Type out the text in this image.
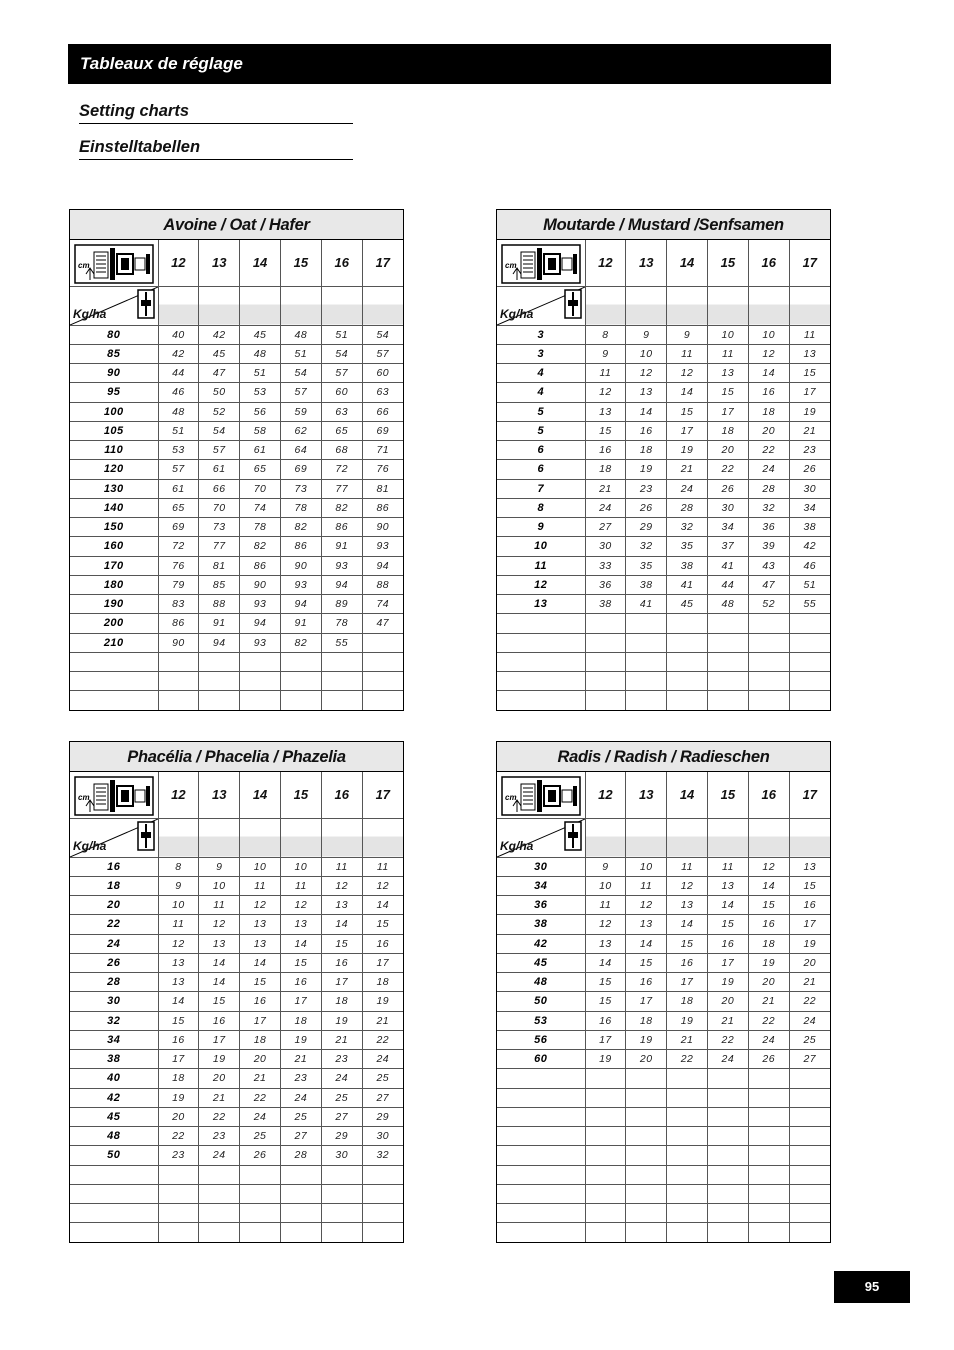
Tableaux de réglage
Setting charts
Einstelltabellen
Avoine / Oat / Hafer
cm	12	13	14	15	16	17

Kg/ha						

80	40	42	45	48	51	54
85	42	45	48	51	54	57
90	44	47	51	54	57	60
95	46	50	53	57	60	63
100	48	52	56	59	63	66
105	51	54	58	62	65	69
110	53	57	61	64	68	71
120	57	61	65	69	72	76
130	61	66	70	73	77	81
140	65	70	74	78	82	86
150	69	73	78	82	86	90
160	72	77	82	86	91	93
170	76	81	86	90	93	94
180	79	85	90	93	94	88
190	83	88	93	94	89	74
200	86	91	94	91	78	47
210	90	94	93	82	55	

Moutarde / Mustard /Senfsamen
cm	12	13	14	15	16	17

Kg/ha						

3	8	9	9	10	10	11
3	9	10	11	11	12	13
4	11	12	12	13	14	15
4	12	13	14	15	16	17
5	13	14	15	17	18	19
5	15	16	17	18	20	21
6	16	18	19	20	22	23
6	18	19	21	22	24	26
7	21	23	24	26	28	30
8	24	26	28	30	32	34
9	27	29	32	34	36	38
10	30	32	35	37	39	42
11	33	35	38	41	43	46
12	36	38	41	44	47	51
13	38	41	45	48	52	55

Phacélia / Phacelia / Phazelia
cm	12	13	14	15	16	17

Kg/ha						

16	8	9	10	10	11	11
18	9	10	11	11	12	12
20	10	11	12	12	13	14
22	11	12	13	13	14	15
24	12	13	13	14	15	16
26	13	14	14	15	16	17
28	13	14	15	16	17	18
30	14	15	16	17	18	19
32	15	16	17	18	19	21
34	16	17	18	19	21	22
38	17	19	20	21	23	24
40	18	20	21	23	24	25
42	19	21	22	24	25	27
45	20	22	24	25	27	29
48	22	23	25	27	29	30
50	23	24	26	28	30	32

Radis / Radish / Radieschen
cm	12	13	14	15	16	17

Kg/ha						

30	9	10	11	11	12	13
34	10	11	12	13	14	15
36	11	12	13	14	15	16
38	12	13	14	15	16	17
42	13	14	15	16	18	19
45	14	15	16	17	19	20
48	15	16	17	19	20	21
50	15	17	18	20	21	22
53	16	18	19	21	22	24
56	17	19	21	22	24	25
60	19	20	22	24	26	27

95
